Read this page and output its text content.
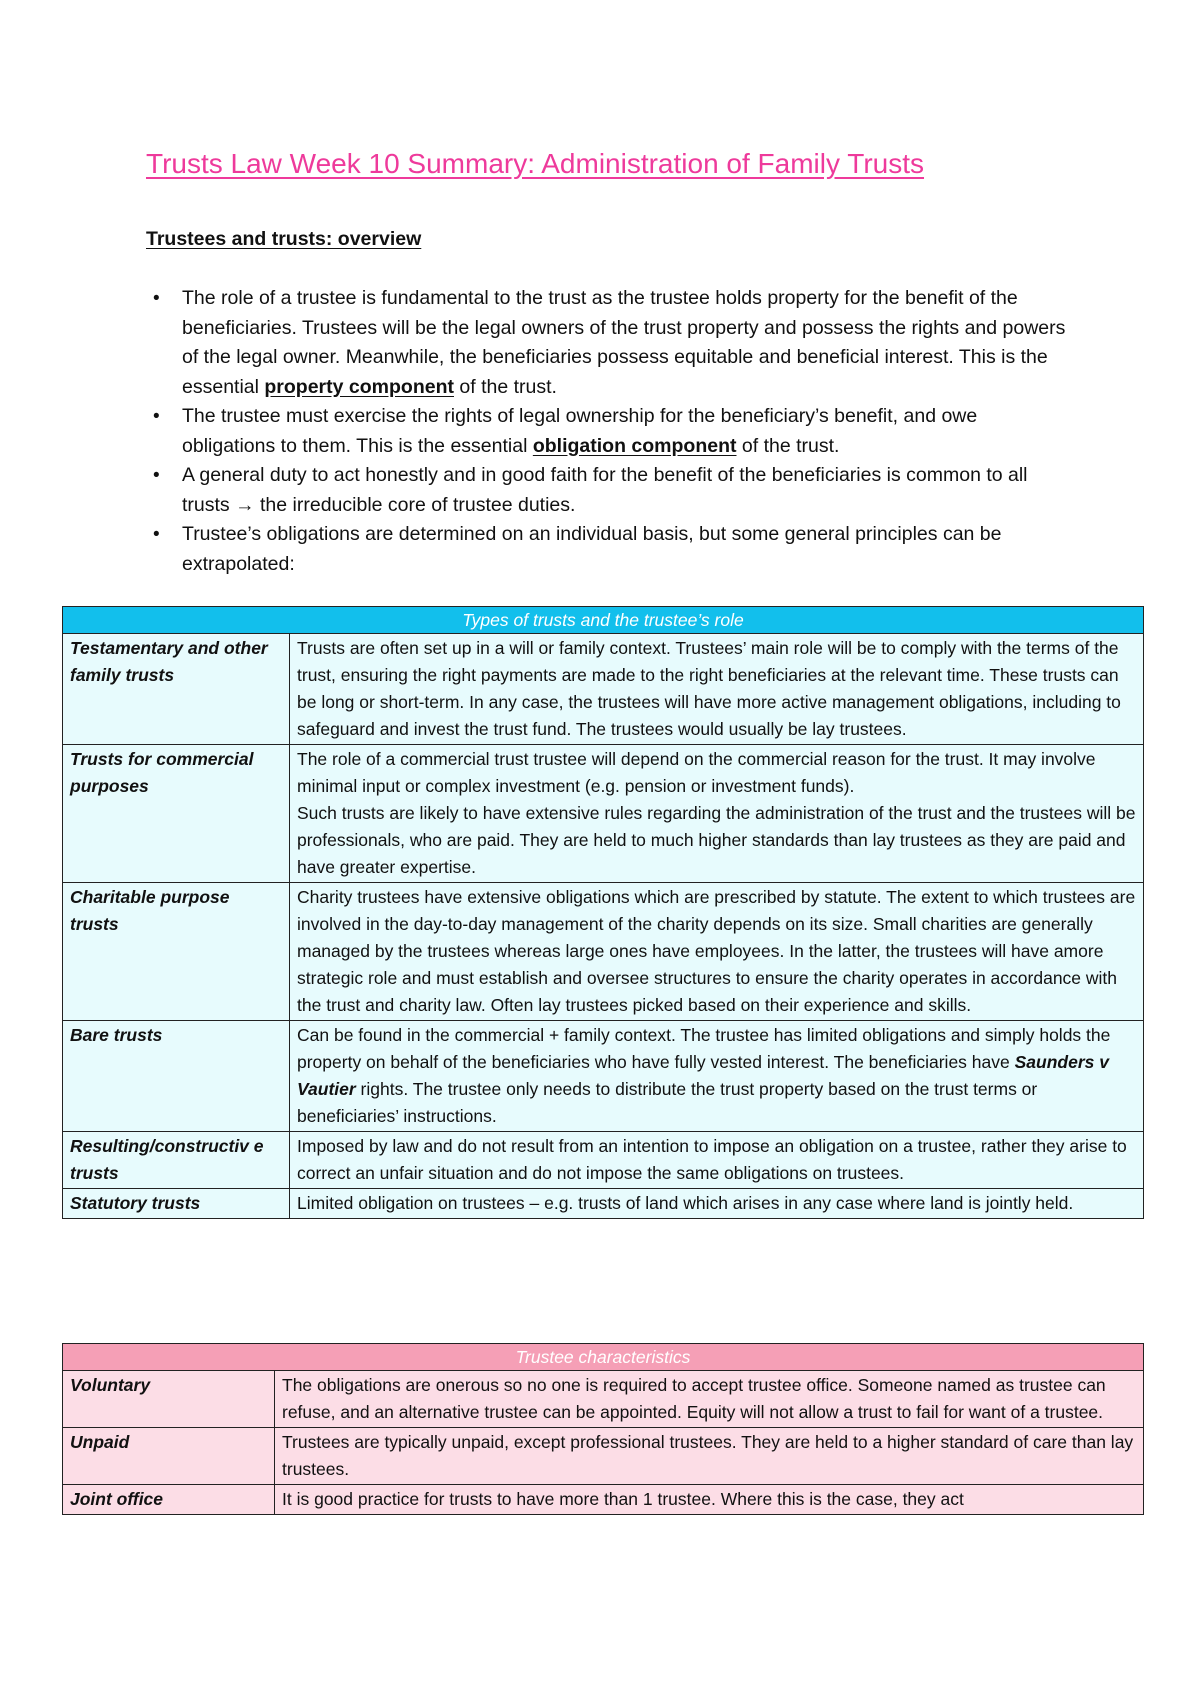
Trusts Law Week 10 Summary: Administration of Family Trusts
Trustees and trusts: overview
• The role of a trustee is fundamental to the trust as the trustee holds property for the benefit of the beneficiaries. Trustees will be the legal owners of the trust property and possess the rights and powers of the legal owner. Meanwhile, the beneficiaries possess equitable and beneficial interest. This is the essential property component of the trust.
• The trustee must exercise the rights of legal ownership for the beneficiary’s benefit, and owe obligations to them. This is the essential obligation component of the trust.
• A general duty to act honestly and in good faith for the benefit of the beneficiaries is common to all trusts → the irreducible core of trustee duties.
• Trustee’s obligations are determined on an individual basis, but some general principles can be extrapolated:
Types of trusts and the trustee’s role	
Testamentary and other family trusts	Trusts are often set up in a will or family context. Trustees’ main role will be to comply with the terms of the trust, ensuring the right payments are made to the right beneficiaries at the relevant time. These trusts can be long or short-term. In any case, the trustees will have more active management obligations, including to safeguard and invest the trust fund. The trustees would usually be lay trustees.
Trusts for commercial purposes	The role of a commercial trust trustee will depend on the commercial reason for the trust. It may involve minimal input or complex investment (e.g. pension or investment funds).
Such trusts are likely to have extensive rules regarding the administration of the trust and the trustees will be professionals, who are paid. They are held to much higher standards than lay trustees as they are paid and have greater expertise.
Charitable purpose trusts	Charity trustees have extensive obligations which are prescribed by statute. The extent to which trustees are involved in the day-to-day management of the charity depends on its size. Small charities are generally managed by the trustees whereas large ones have employees. In the latter, the trustees will have amore strategic role and must establish and oversee structures to ensure the charity operates in accordance with the trust and charity law. Often lay trustees picked based on their experience and skills.
Bare trusts	Can be found in the commercial + family context. The trustee has limited obligations and simply holds the property on behalf of the beneficiaries who have fully vested interest. The beneficiaries have Saunders v Vautier rights. The trustee only needs to distribute the trust property based on the trust terms or beneficiaries’ instructions.
Resulting/constructiv e trusts	Imposed by law and do not result from an intention to impose an obligation on a trustee, rather they arise to correct an unfair situation and do not impose the same obligations on trustees.
Statutory trusts	Limited obligation on trustees – e.g. trusts of land which arises in any case where land is jointly held.
Trustee characteristics	
Voluntary	The obligations are onerous so no one is required to accept trustee office. Someone named as trustee can refuse, and an alternative trustee can be appointed. Equity will not allow a trust to fail for want of a trustee.
Unpaid	Trustees are typically unpaid, except professional trustees. They are held to a higher standard of care than lay trustees.
Joint office	It is good practice for trusts to have more than 1 trustee. Where this is the case, they act
